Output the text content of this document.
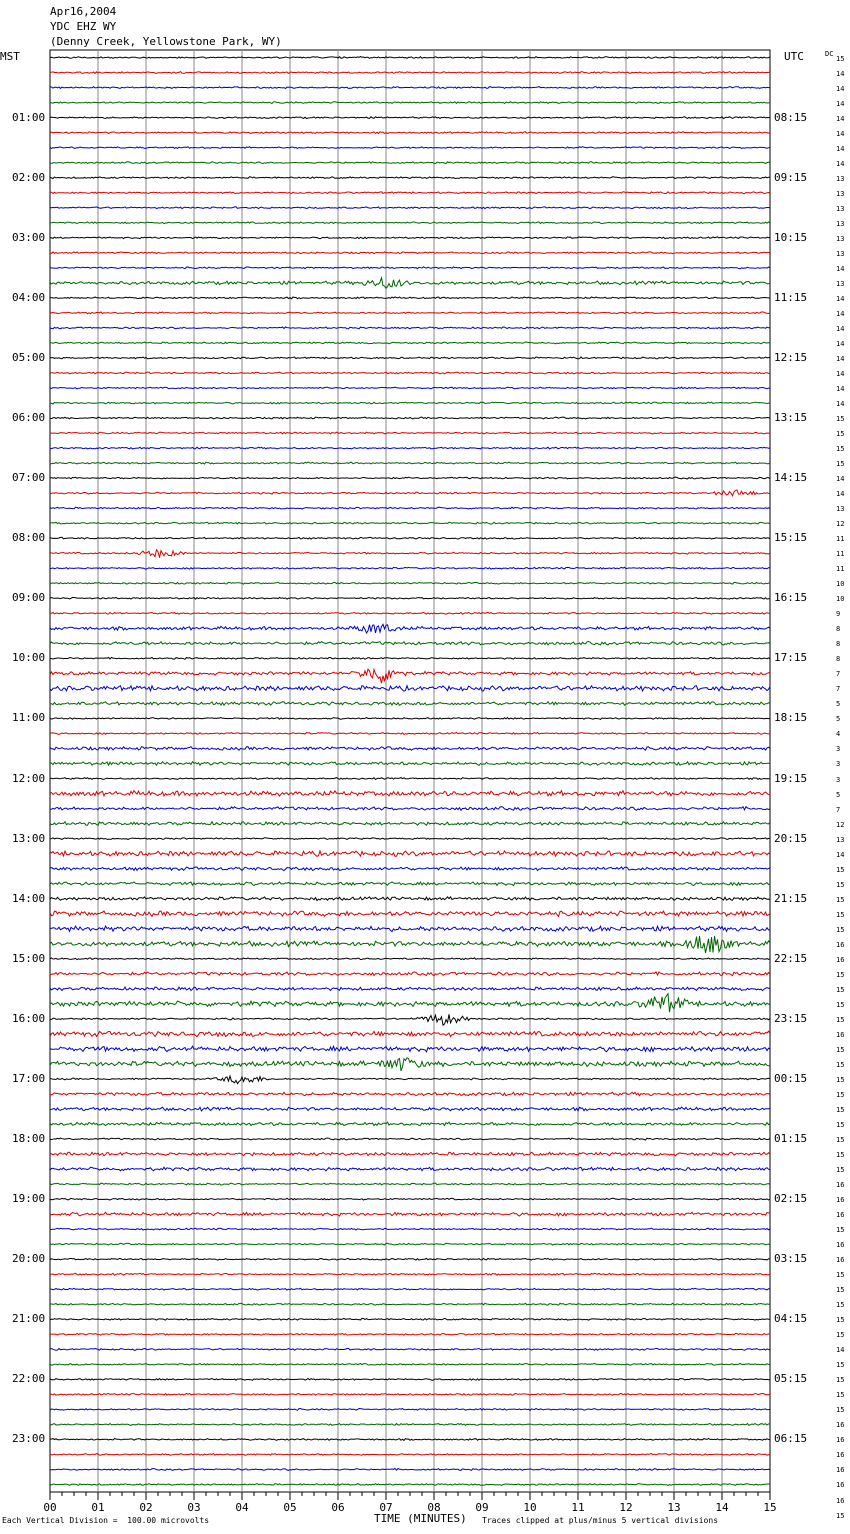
Apr16,2004
YDC EHZ WY
(Denny Creek, Yellowstone Park, WY)
MST	UTC	DC
00	01	02	03	04	05	06	07	08	09	10	11	12	13	14	15
01:00
02:00
03:00
04:00
05:00
06:00
07:00
08:00
09:00
10:00
11:00
12:00
13:00
14:00
15:00
16:00
17:00
18:00
19:00
20:00
21:00
22:00
23:00
08:15
09:15
10:15
11:15
12:15
13:15
14:15
15:15
16:15
17:15
18:15
19:15
20:15
21:15
22:15
23:15
00:15
01:15
02:15
03:15
04:15
05:15
06:15
15
14
14
14
14
14
14
14
13
13
13
13
13
13
14
13
14
14
14
14
14
14
14
14
15
15
15
15
14
14
13
12
11
11
11
10
10
9
8
8
8
7
7
5
5
4
3
3
3
5
7
12
13
14
15
15
15
15
15
16
16
15
15
15
15
16
15
15
15
15
15
15
15
15
15
16
16
16
15
16
16
15
15
15
15
15
14
15
15
15
15
16
16
16
16
16
16
15
Each Vertical Division =  100.00 microvolts	TIME (MINUTES) Traces clipped at plus/minus 5 vertical divisions
